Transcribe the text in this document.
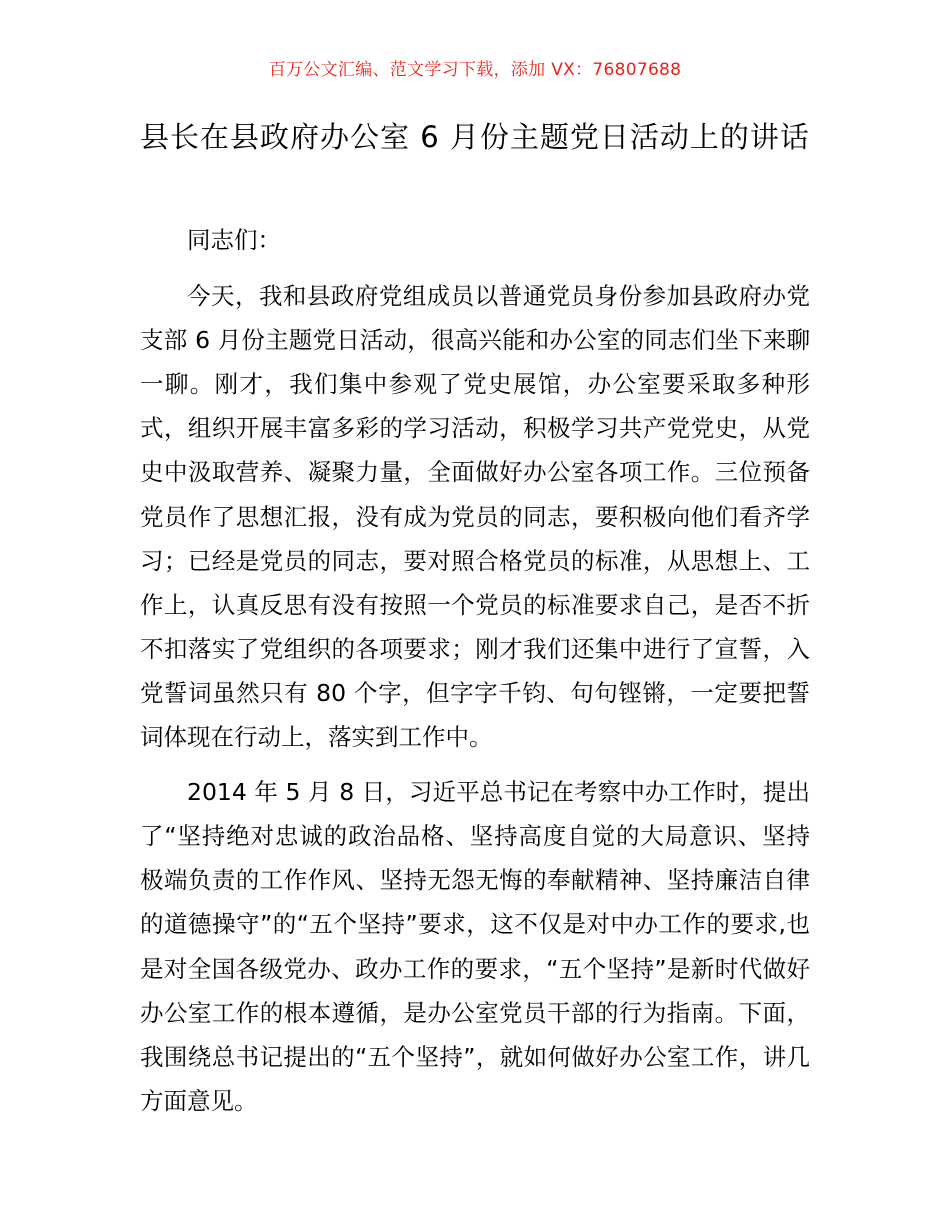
百万公文汇编、范文学习下载，添加 VX：76807688
县长在县政府办公室 6 月份主题党日活动上的讲话

同志们：

今天，我和县政府党组成员以普通党员身份参加县政府办党支部 6 月份主题党日活动，很高兴能和办公室的同志们坐下来聊一聊。刚才，我们集中参观了党史展馆，办公室要采取多种形式，组织开展丰富多彩的学习活动，积极学习共产党党史，从党史中汲取营养、凝聚力量，全面做好办公室各项工作。三位预备党员作了思想汇报，没有成为党员的同志，要积极向他们看齐学习；已经是党员的同志，要对照合格党员的标准，从思想上、工作上，认真反思有没有按照一个党员的标准要求自己，是否不折不扣落实了党组织的各项要求；刚才我们还集中进行了宣誓，入党誓词虽然只有 80 个字，但字字千钧、句句铿锵，一定要把誓词体现在行动上，落实到工作中。

2014 年 5 月 8 日，习近平总书记在考察中办工作时，提出了“坚持绝对忠诚的政治品格、坚持高度自觉的大局意识、坚持极端负责的工作作风、坚持无怨无悔的奉献精神、坚持廉洁自律的道德操守”的“五个坚持”要求，这不仅是对中办工作的要求,也是对全国各级党办、政办工作的要求，“五个坚持”是新时代做好办公室工作的根本遵循，是办公室党员干部的行为指南。下面，我围绕总书记提出的“五个坚持”，就如何做好办公室工作，讲几方面意见。
